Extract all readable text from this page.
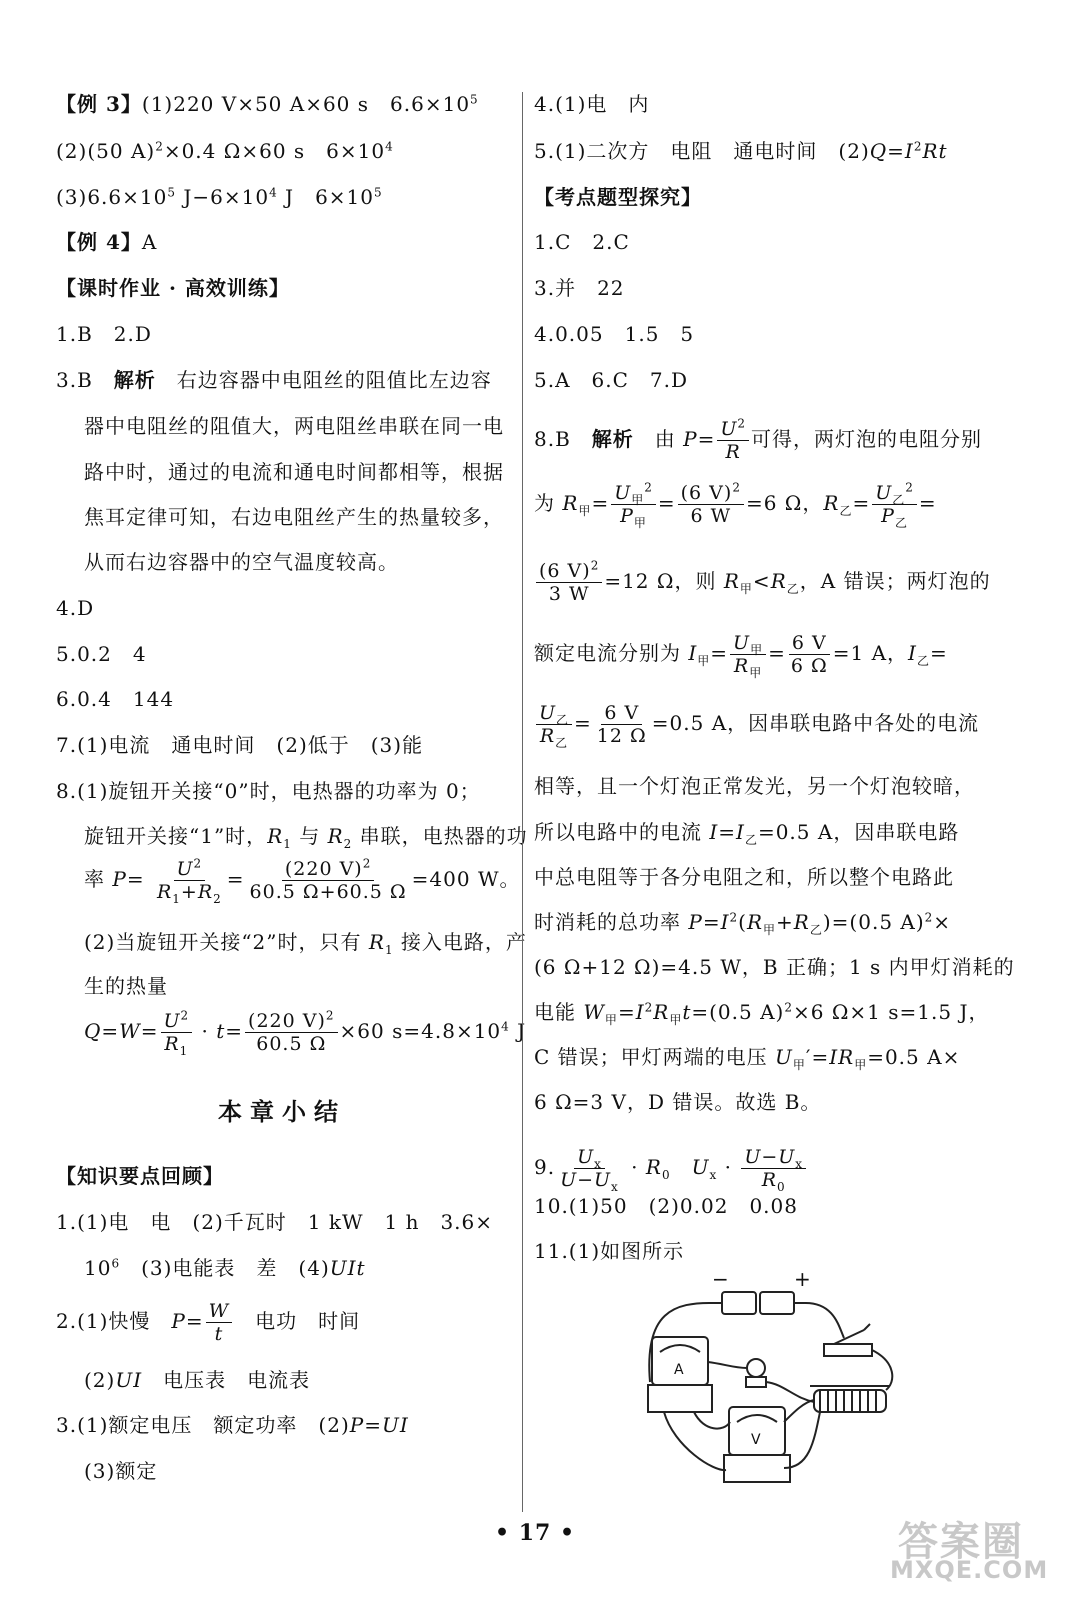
【例 3】(1)220 V×50 A×60 s　$6.6\times 10^5$
(2)(50 A)$^2$×0.4 Ω×60 s　$6\times 10^4$
$(3)6.6\times 10^5$ $J-6\times 10^4$ J　$6\times 10^5$
【例 4】A
【课时作业 · 高效训练】
1.B　2.D
3.B　解析　右边容器中电阻丝的阻值比左边容
器中电阻丝的阻值大，两电阻丝串联在同一电
路中时，通过的电流和通电时间都相等，根据
焦耳定律可知，右边电阻丝产生的热量较多，
从而右边容器中的空气温度较高。
4.D
5.0.2　4
6.0.4　144
7.(1)电流　通电时间　(2)低于　(3)能
8.(1)旋钮开关接“0”时，电热器的功率为 0；
旋钮开关接“1”时，$R_1$ 与 $R_2$ 串联，电热器的功
率 $P= \frac{U^2}{R_1+R_2} = \frac{(220 V)^2}{60.5 \Omega+60.5 \Omega} =400$ W。
(2)当旋钮开关接“2”时，只有 $R_1$ 接入电路，产
生的热量
$Q=W= \frac{U^2}{R_1} \cdot t= \frac{(220 V)^2}{60.5 \Omega} \times 60$ $s=4.8\times 10^4$ J
本章小结
【知识要点回顾】
1.(1)电　电　(2)千瓦时　1 kW　1 h　3.6×
$10^6$　(3)电能表　差　(4)UIt
2.(1)快慢　$P= \frac{W}{t}$ 　电功　时间
(2)UI　电压表　电流表
3.(1)额定电压　额定功率　(2)P=UI
(3)额定
4.(1)电　内
5.(1)二次方　电阻　通电时间　$(2)Q=I^2Rt$
【考点题型探究】
1.C　2.C
3.并　22
4.0.05　1.5　5
5.A　6.C　7.D
8.B　解析　由 $P= \frac{U^2}{R}$ 可得，两灯泡的电阻分别
为 $R_甲= \frac{U_甲^2}{P_甲} = \frac{(6 V)^2}{6 W} =6$ Ω，$R_乙= \frac{U_乙^2}{P_乙}$ =
$\frac{(6 V)^2}{3 W} =12$ Ω，则 $R_甲<R_乙$，A 错误；两灯泡的
额定电流分别为 $I_甲= \frac{U_甲}{R_甲} = \frac{6 V}{6 \Omega} =1$ A，$I_乙=$
$\frac{U_乙}{R_乙} = \frac{6 V}{12 \Omega} =0.5$ A，因串联电路中各处的电流
相等，且一个灯泡正常发光，另一个灯泡较暗，
所以电路中的电流 $I=I_乙=0.5$ A，因串联电路
中总电阻等于各分电阻之和，所以整个电路此
时消耗的总功率 $P=I^2(R_甲+R_乙)=(0.5$ A)$^2$×
(6 Ω+12 Ω)=4.5 W，B 正确；1 s 内甲灯消耗的
电能 $W_甲=I^2R_甲t=(0.5$ A)$^2$×6 Ω×1 s=1.5 J，
C 错误；甲灯两端的电压 $U_甲'=IR_甲=0.5$ A×
6 Ω=3 V，D 错误。故选 B。
9. $\frac{U_x}{U-U_x} \cdot R_0$　 $U_x \cdot \frac{U-U_x}{R_0}$
10.(1)50　(2)0.02　0.08
11.(1)如图所示
−	+
A
V
• 17 •	答案圈
MXQE.COM
